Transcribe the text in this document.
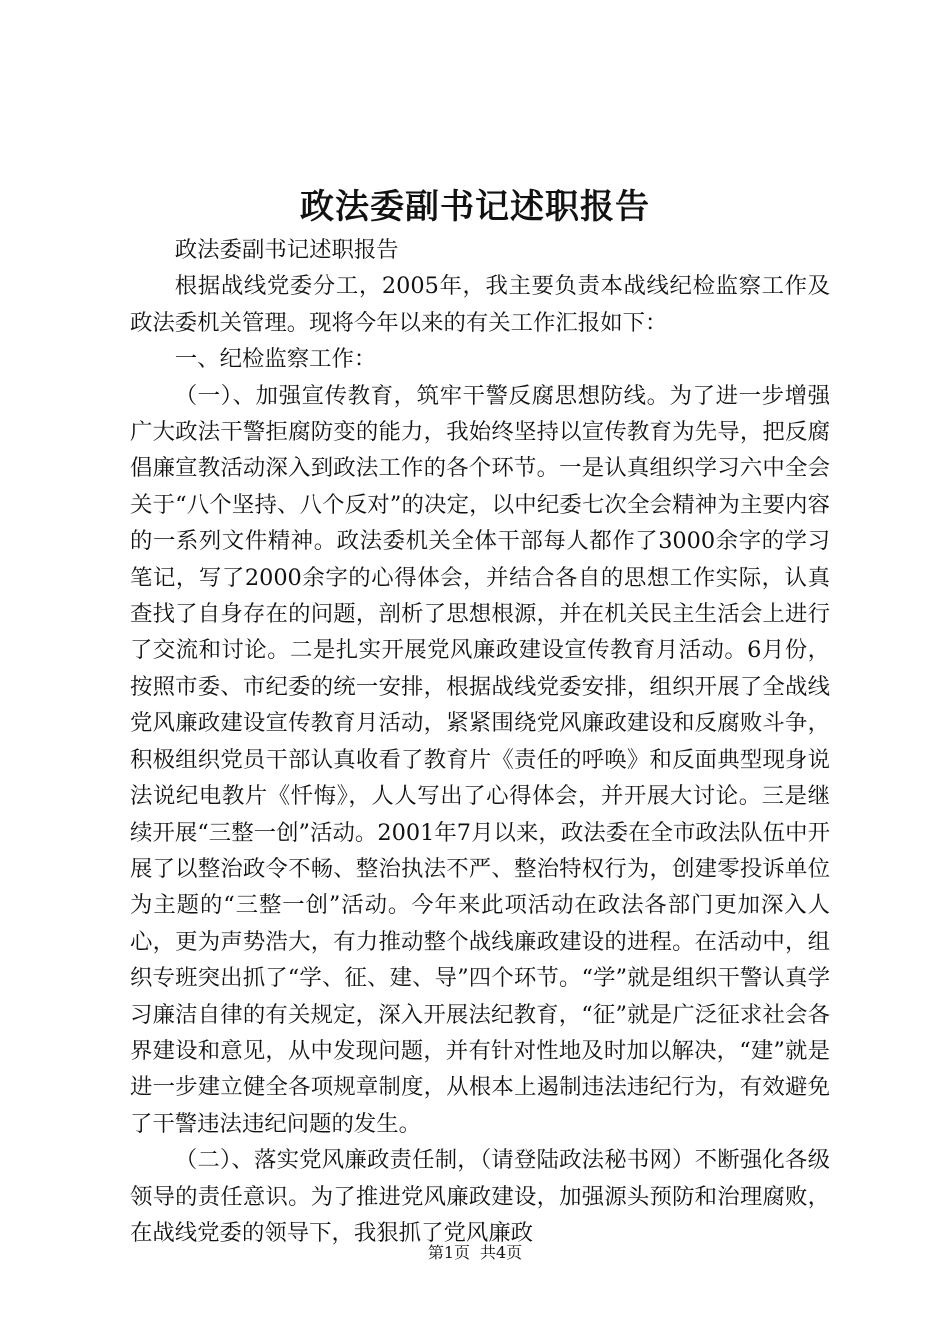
政法委副书记述职报告

政法委副书记述职报告

根据战线党委分工，2005年，我主要负责本战线纪检监察工作及政法委机关管理。现将今年以来的有关工作汇报如下：

一、纪检监察工作：

（一）、加强宣传教育，筑牢干警反腐思想防线。为了进一步增强广大政法干警拒腐防变的能力，我始终坚持以宣传教育为先导，把反腐倡廉宣教活动深入到政法工作的各个环节。一是认真组织学习六中全会关于“八个坚持、八个反对”的决定，以中纪委七次全会精神为主要内容的一系列文件精神。政法委机关全体干部每人都作了3000余字的学习笔记，写了2000余字的心得体会，并结合各自的思想工作实际，认真查找了自身存在的问题，剖析了思想根源，并在机关民主生活会上进行了交流和讨论。二是扎实开展党风廉政建设宣传教育月活动。6月份，按照市委、市纪委的统一安排，根据战线党委安排，组织开展了全战线党风廉政建设宣传教育月活动，紧紧围绕党风廉政建设和反腐败斗争，积极组织党员干部认真收看了教育片《责任的呼唤》和反面典型现身说法说纪电教片《忏悔》，人人写出了心得体会，并开展大讨论。三是继续开展“三整一创”活动。2001年7月以来，政法委在全市政法队伍中开展了以整治政令不畅、整治执法不严、整治特权行为，创建零投诉单位为主题的“三整一创”活动。今年来此项活动在政法各部门更加深入人心，更为声势浩大，有力推动整个战线廉政建设的进程。在活动中，组织专班突出抓了“学、征、建、导”四个环节。“学”就是组织干警认真学习廉洁自律的有关规定，深入开展法纪教育，“征”就是广泛征求社会各界建设和意见，从中发现问题，并有针对性地及时加以解决，“建”就是进一步建立健全各项规章制度，从根本上遏制违法违纪行为，有效避免了干警违法违纪问题的发生。

（二）、落实党风廉政责任制，（请登陆政法秘书网）不断强化各级领导的责任意识。为了推进党风廉政建设，加强源头预防和治理腐败，在战线党委的领导下，我狠抓了党风廉政

第1页 共4页
